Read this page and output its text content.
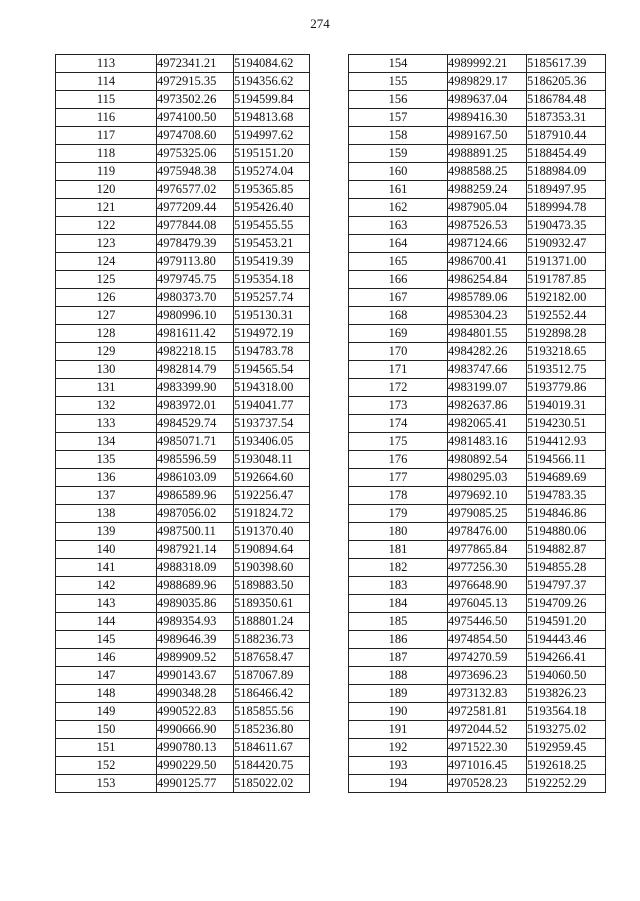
274
113	4972341.21	5194084.62
114	4972915.35	5194356.62
115	4973502.26	5194599.84
116	4974100.50	5194813.68
117	4974708.60	5194997.62
118	4975325.06	5195151.20
119	4975948.38	5195274.04
120	4976577.02	5195365.85
121	4977209.44	5195426.40
122	4977844.08	5195455.55
123	4978479.39	5195453.21
124	4979113.80	5195419.39
125	4979745.75	5195354.18
126	4980373.70	5195257.74
127	4980996.10	5195130.31
128	4981611.42	5194972.19
129	4982218.15	5194783.78
130	4982814.79	5194565.54
131	4983399.90	5194318.00
132	4983972.01	5194041.77
133	4984529.74	5193737.54
134	4985071.71	5193406.05
135	4985596.59	5193048.11
136	4986103.09	5192664.60
137	4986589.96	5192256.47
138	4987056.02	5191824.72
139	4987500.11	5191370.40
140	4987921.14	5190894.64
141	4988318.09	5190398.60
142	4988689.96	5189883.50
143	4989035.86	5189350.61
144	4989354.93	5188801.24
145	4989646.39	5188236.73
146	4989909.52	5187658.47
147	4990143.67	5187067.89
148	4990348.28	5186466.42
149	4990522.83	5185855.56
150	4990666.90	5185236.80
151	4990780.13	5184611.67
152	4990229.50	5184420.75
153	4990125.77	5185022.02
154	4989992.21	5185617.39
155	4989829.17	5186205.36
156	4989637.04	5186784.48
157	4989416.30	5187353.31
158	4989167.50	5187910.44
159	4988891.25	5188454.49
160	4988588.25	5188984.09
161	4988259.24	5189497.95
162	4987905.04	5189994.78
163	4987526.53	5190473.35
164	4987124.66	5190932.47
165	4986700.41	5191371.00
166	4986254.84	5191787.85
167	4985789.06	5192182.00
168	4985304.23	5192552.44
169	4984801.55	5192898.28
170	4984282.26	5193218.65
171	4983747.66	5193512.75
172	4983199.07	5193779.86
173	4982637.86	5194019.31
174	4982065.41	5194230.51
175	4981483.16	5194412.93
176	4980892.54	5194566.11
177	4980295.03	5194689.69
178	4979692.10	5194783.35
179	4979085.25	5194846.86
180	4978476.00	5194880.06
181	4977865.84	5194882.87
182	4977256.30	5194855.28
183	4976648.90	5194797.37
184	4976045.13	5194709.26
185	4975446.50	5194591.20
186	4974854.50	5194443.46
187	4974270.59	5194266.41
188	4973696.23	5194060.50
189	4973132.83	5193826.23
190	4972581.81	5193564.18
191	4972044.52	5193275.02
192	4971522.30	5192959.45
193	4971016.45	5192618.25
194	4970528.23	5192252.29
